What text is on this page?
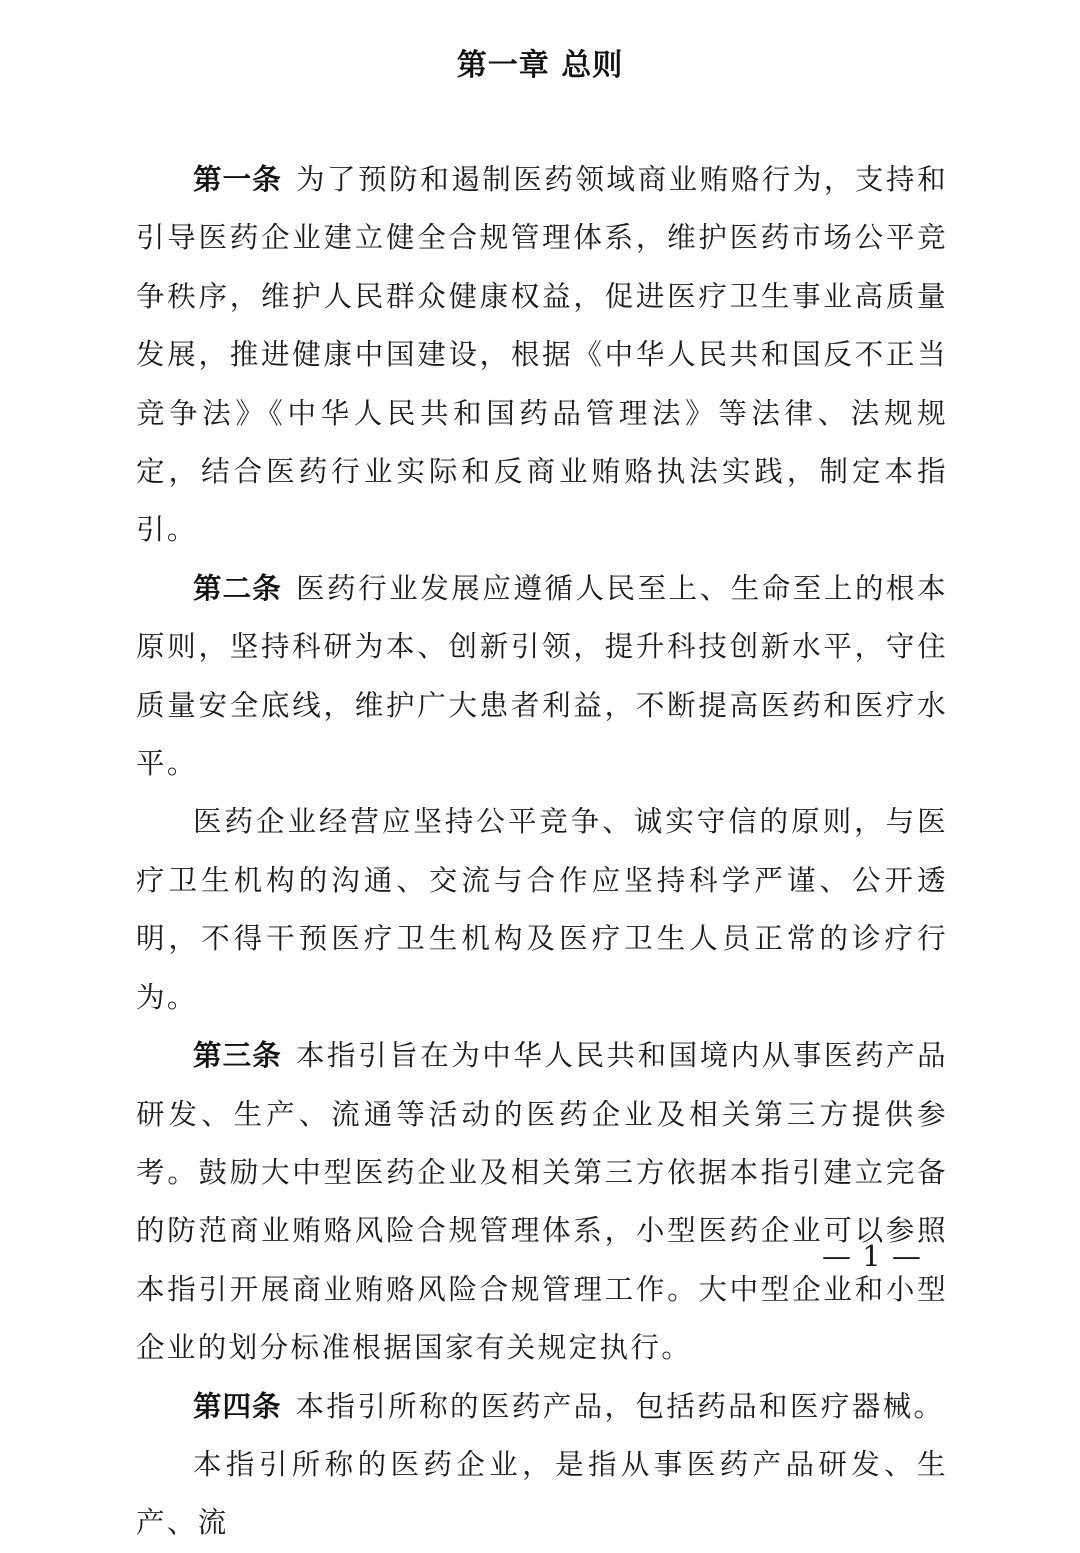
第一章 总则

第一条 为了预防和遏制医药领域商业贿赂行为，支持和引导医药企业建立健全合规管理体系，维护医药市场公平竞争秩序，维护人民群众健康权益，促进医疗卫生事业高质量发展，推进健康中国建设，根据《中华人民共和国反不正当竞争法》《中华人民共和国药品管理法》等法律、法规规定，结合医药行业实际和反商业贿赂执法实践，制定本指引。

第二条 医药行业发展应遵循人民至上、生命至上的根本原则，坚持科研为本、创新引领，提升科技创新水平，守住质量安全底线，维护广大患者利益，不断提高医药和医疗水平。

医药企业经营应坚持公平竞争、诚实守信的原则，与医疗卫生机构的沟通、交流与合作应坚持科学严谨、公开透明，不得干预医疗卫生机构及医疗卫生人员正常的诊疗行为。

第三条 本指引旨在为中华人民共和国境内从事医药产品研发、生产、流通等活动的医药企业及相关第三方提供参考。鼓励大中型医药企业及相关第三方依据本指引建立完备的防范商业贿赂风险合规管理体系，小型医药企业可以参照本指引开展商业贿赂风险合规管理工作。大中型企业和小型企业的划分标准根据国家有关规定执行。

第四条 本指引所称的医药产品，包括药品和医疗器械。

本指引所称的医药企业，是指从事医药产品研发、生产、流

— 1 —
